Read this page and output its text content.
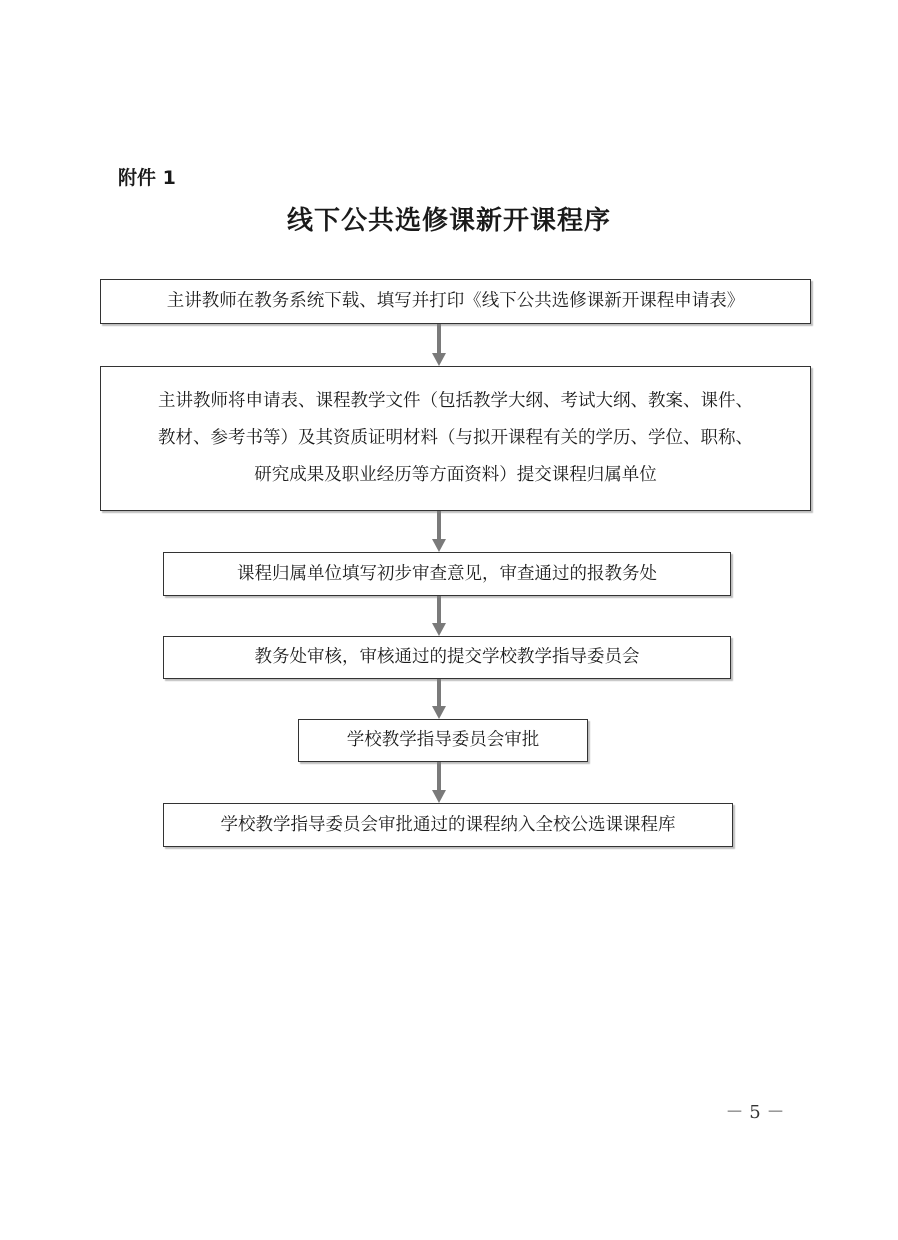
附件 1
线下公共选修课新开课程序
主讲教师在教务系统下载、填写并打印《线下公共选修课新开课程申请表》
主讲教师将申请表、课程教学文件（包括教学大纲、考试大纲、教案、课件、
教材、参考书等）及其资质证明材料（与拟开课程有关的学历、学位、职称、
研究成果及职业经历等方面资料）提交课程归属单位
课程归属单位填写初步审查意见，审查通过的报教务处
教务处审核，审核通过的提交学校教学指导委员会
学校教学指导委员会审批
学校教学指导委员会审批通过的课程纳入全校公选课课程库
－ 5 －
